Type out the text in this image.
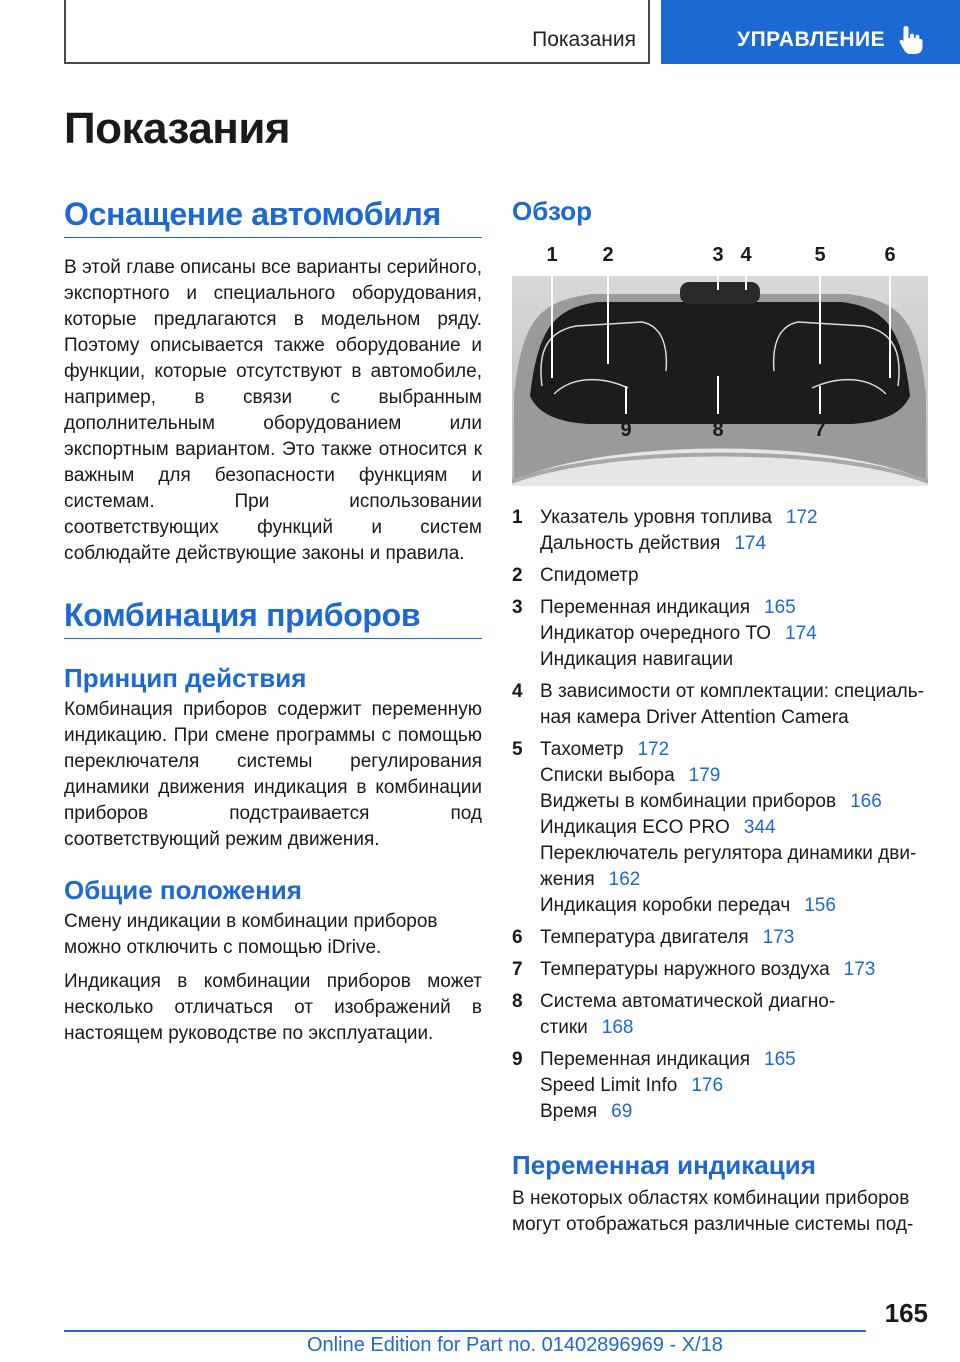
Показания	УПРАВЛЕНИЕ
Показания
Оснащение автомобиля
В этой главе описаны все варианты серийного, экспортного и специального оборудования, которые предлагаются в модельном ряду. Поэтому описывается также оборудование и функции, которые отсутствуют в автомобиле, например, в связи с выбранным дополнительным оборудованием или экспортным вариантом. Это также относится к важным для безопасности функциям и системам. При использовании соответствующих функций и систем соблюдайте действующие законы и правила.
Комбинация приборов
Принцип действия
Комбинация приборов содержит переменную индикацию. При смене программы с помощью переключателя системы регулирования динамики движения индикация в комбинации приборов подстраивается под соответствующий режим движения.
Общие положения
Смену индикации в комбинации приборов можно отключить с помощью iDrive.
Индикация в комбинации приборов может несколько отличаться от изображений в настоящем руководстве по эксплуатации.
Обзор
1 2	3 4	5	6
9	8	7
1 Указатель уровня топлива 172
Дальность действия 174
2 Спидометр
3 Переменная индикация 165
Индикатор очередного ТО 174
Индикация навигации
4 В зависимости от комплектации: специаль-
ная камера Driver Attention Camera
5 Тахометр 172
Списки выбора 179
Виджеты в комбинации приборов 166
Индикация ECO PRO 344
Переключатель регулятора динамики дви-
жения 162
Индикация коробки передач 156
6 Температура двигателя 173
7 Температуры наружного воздуха 173
8 Система автоматической диагно-
стики 168
9 Переменная индикация 165
Speed Limit Info 176
Время 69
Переменная индикация
В некоторых областях комбинации приборов могут отображаться различные системы под-
165
Online Edition for Part no. 01402896969 - X/18
